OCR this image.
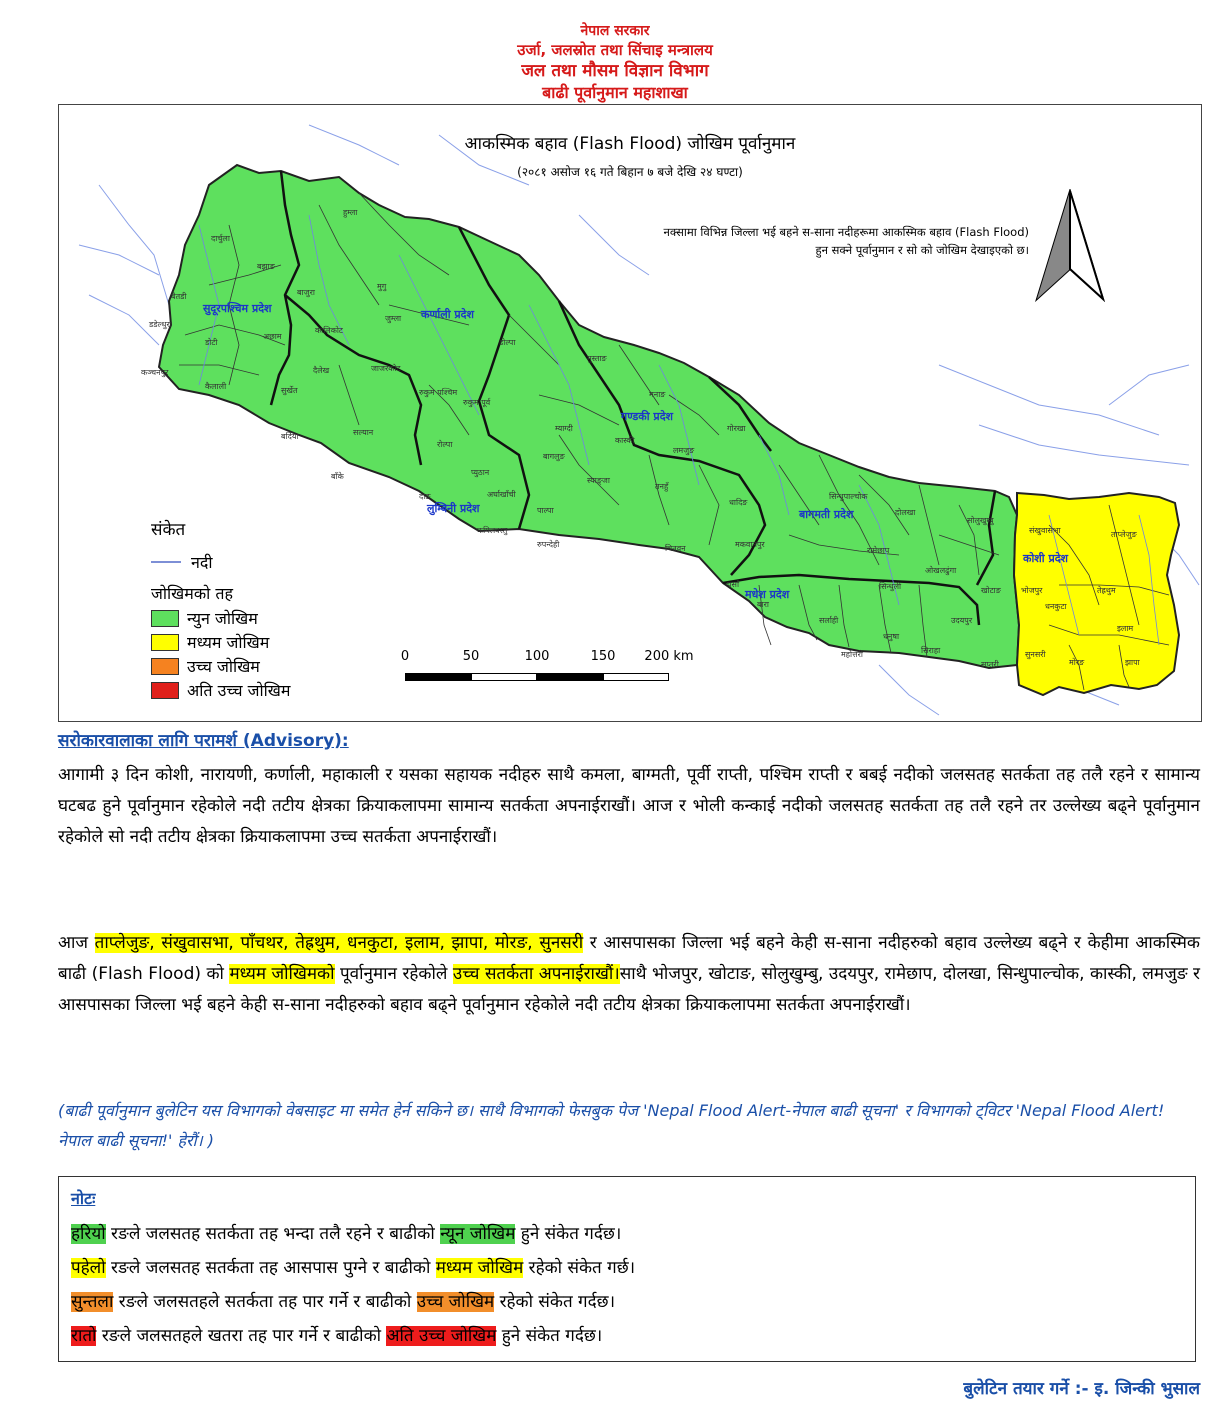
नेपाल सरकार
उर्जा, जलस्रोत तथा सिंचाइ मन्त्रालय
जल तथा मौसम विज्ञान विभाग
बाढी पूर्वानुमान महाशाखा
आकस्मिक बहाव (Flash Flood) जोखिम पूर्वानुमान
(२०८१ असोज १६ गते बिहान ७ बजे देखि २४ घण्टा)
नक्सामा विभिन्न जिल्ला भई बहने स-साना नदीहरूमा आकस्मिक बहाव (Flash Flood) हुन सक्ने पूर्वानुमान र सो को जोखिम देखाइएको छ।
सुदूरपश्चिम प्रदेश	कर्णाली प्रदेश
लुम्बिनी प्रदेश
गण्डकी प्रदेश
बागमती प्रदेश
मधेश प्रदेश
कोशी प्रदेश
दार्चुला
बझाङ
बैतडी
डडेल्धुरा
डोटी
कञ्चनपुर
कैलाली
अछाम
बाजुरा
हुम्ला
मुगु
जुम्ला
डोल्पा
कालिकोट
दैलेख	जाजरकोट
सुर्खेत
सल्यान
बर्दिया
बाँके
रोल्पा
रुकुम पश्चिम
रुकुम पूर्व
दाङ
प्युठान
अर्घाखाँची
कपिलवस्तु
रुपन्देही
पाल्पा
मुस्ताङ
मनाङ
म्याग्दी
बागलुङ
कास्की
गोरखा
लमजुङ
तनहुँ
स्याङ्जा
चितवन
धादिङ
सिन्धुपाल्चोक
दोलखा
मकवानपुर
रामेछाप
सिन्धुली
ओखलढुंगा
सोलुखुम्बु
खोटाङ	भोजपुर
उदयपुर
पर्सा
बारा
सर्लाही
महोत्तरी
धनुषा
सिराहा
सप्तरी
संखुवासभा	ताप्लेजुङ
तेह्रथुम
धनकुटा
इलाम
सुनसरी
मोरङ	झापा
संकेत
नदी
जोखिमको तह
न्युन जोखिम
मध्यम जोखिम
उच्च जोखिम
अति उच्च जोखिम
0	50	100	150 200 km
सरोकारवालाका लागि परामर्श (Advisory):
आगामी ३ दिन कोशी, नारायणी, कर्णाली, महाकाली र यसका सहायक नदीहरु साथै कमला, बाग्मती, पूर्वी राप्ती, पश्चिम राप्ती र बबई नदीको जलसतह सतर्कता तह तलै रहने र सामान्य घटबढ हुने पूर्वानुमान रहेकोले नदी तटीय क्षेत्रका क्रियाकलापमा सामान्य सतर्कता अपनाईराखौं। आज र भोली कन्काई नदीको जलसतह सतर्कता तह तलै रहने तर उल्लेख्य बढ्ने पूर्वानुमान रहेकोले सो नदी तटीय क्षेत्रका क्रियाकलापमा उच्च सतर्कता अपनाईराखौं।
आज ताप्लेजुङ, संखुवासभा, पाँचथर, तेह्रथुम, धनकुटा, इलाम, झापा, मोरङ, सुनसरी र आसपासका जिल्ला भई बहने केही स-साना नदीहरुको बहाव उल्लेख्य बढ्ने र केहीमा आकस्मिक बाढी (Flash Flood) को मध्यम जोखिमको पूर्वानुमान रहेकोले उच्च सतर्कता अपनाईराखौं।साथै भोजपुर, खोटाङ, सोलुखुम्बु, उदयपुर, रामेछाप, दोलखा, सिन्धुपाल्चोक, कास्की, लमजुङ र आसपासका जिल्ला भई बहने केही स-साना नदीहरुको बहाव बढ्ने पूर्वानुमान रहेकोले नदी तटीय क्षेत्रका क्रियाकलापमा सतर्कता अपनाईराखौं।
(बाढी पूर्वानुमान बुलेटिन यस विभागको वेबसाइट मा समेत हेर्न सकिने छ। साथै विभागको फेसबुक पेज 'Nepal Flood Alert-नेपाल बाढी सूचना' र विभागको ट्विटर 'Nepal Flood Alert! नेपाल बाढी सूचना!' हेरौं। )
नोटः
हरियो रङले जलसतह सतर्कता तह भन्दा तलै रहने र बाढीको न्यून जोखिम हुने संकेत गर्दछ।
पहेलो रङले जलसतह सतर्कता तह आसपास पुग्ने र बाढीको मध्यम जोखिम रहेको संकेत गर्छ।
सुन्तला रङले जलसतहले सतर्कता तह पार गर्ने र बाढीको उच्च जोखिम रहेको संकेत गर्दछ।
रातो रङले जलसतहले खतरा तह पार गर्ने र बाढीको अति उच्च जोखिम हुने संकेत गर्दछ।
बुलेटिन तयार गर्ने :- इ. जिन्की भुसाल
